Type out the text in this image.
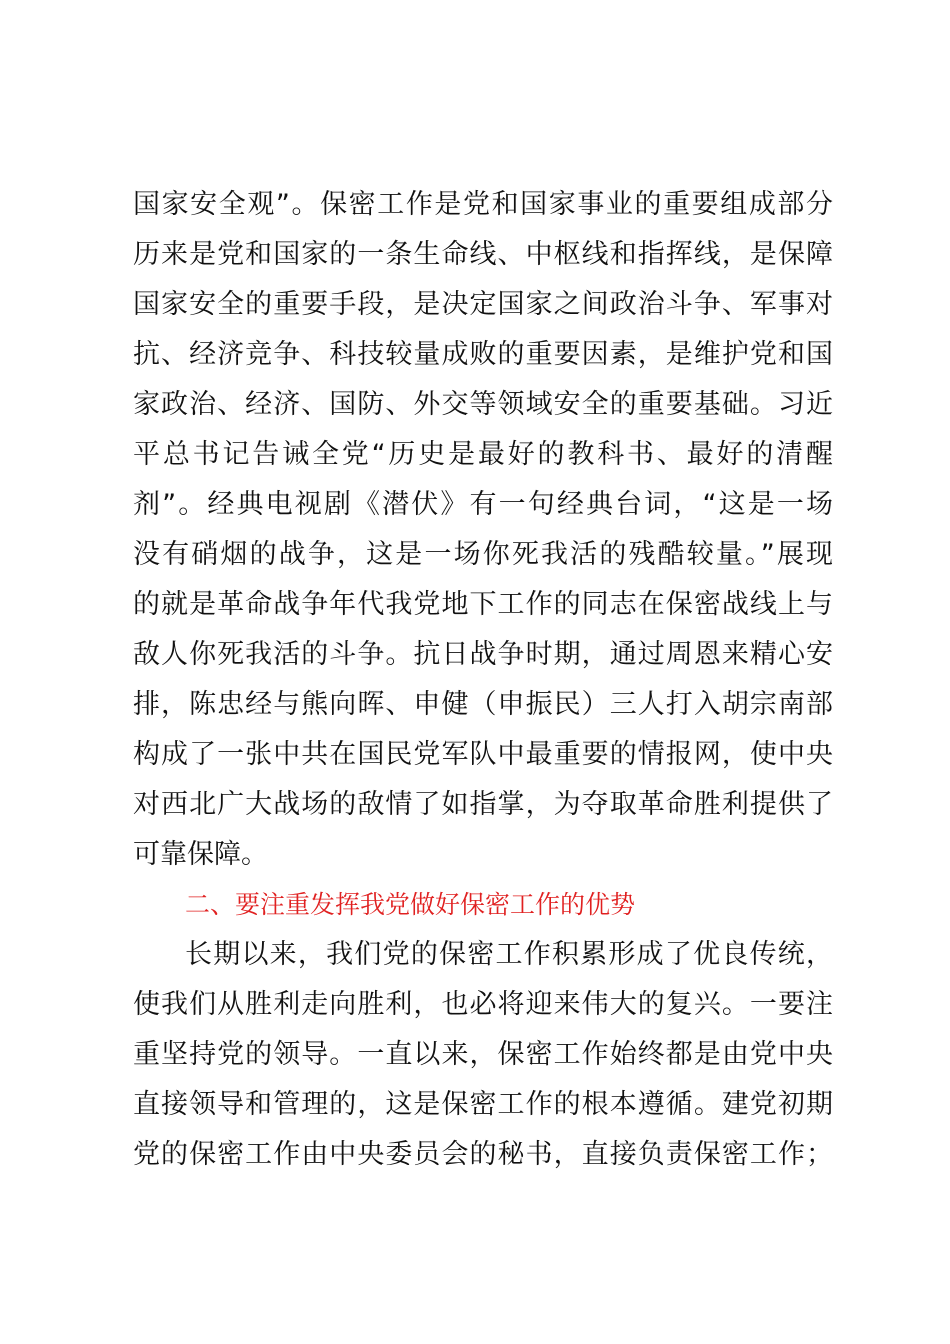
国家安全观”。保密工作是党和国家事业的重要组成部分
历来是党和国家的一条生命线、中枢线和指挥线，是保障
国家安全的重要手段，是决定国家之间政治斗争、军事对
抗、经济竞争、科技较量成败的重要因素，是维护党和国
家政治、经济、国防、外交等领域安全的重要基础。习近
平总书记告诫全党“历史是最好的教科书、最好的清醒
剂”。经典电视剧《潜伏》有一句经典台词，“这是一场
没有硝烟的战争，这是一场你死我活的残酷较量。”展现
的就是革命战争年代我党地下工作的同志在保密战线上与
敌人你死我活的斗争。抗日战争时期，通过周恩来精心安
排，陈忠经与熊向晖、申健（申振民）三人打入胡宗南部
构成了一张中共在国民党军队中最重要的情报网，使中央
对西北广大战场的敌情了如指掌，为夺取革命胜利提供了
可靠保障。
二、要注重发挥我党做好保密工作的优势
长期以来，我们党的保密工作积累形成了优良传统，
使我们从胜利走向胜利，也必将迎来伟大的复兴。一要注
重坚持党的领导。一直以来，保密工作始终都是由党中央
直接领导和管理的，这是保密工作的根本遵循。建党初期
党的保密工作由中央委员会的秘书，直接负责保密工作；
